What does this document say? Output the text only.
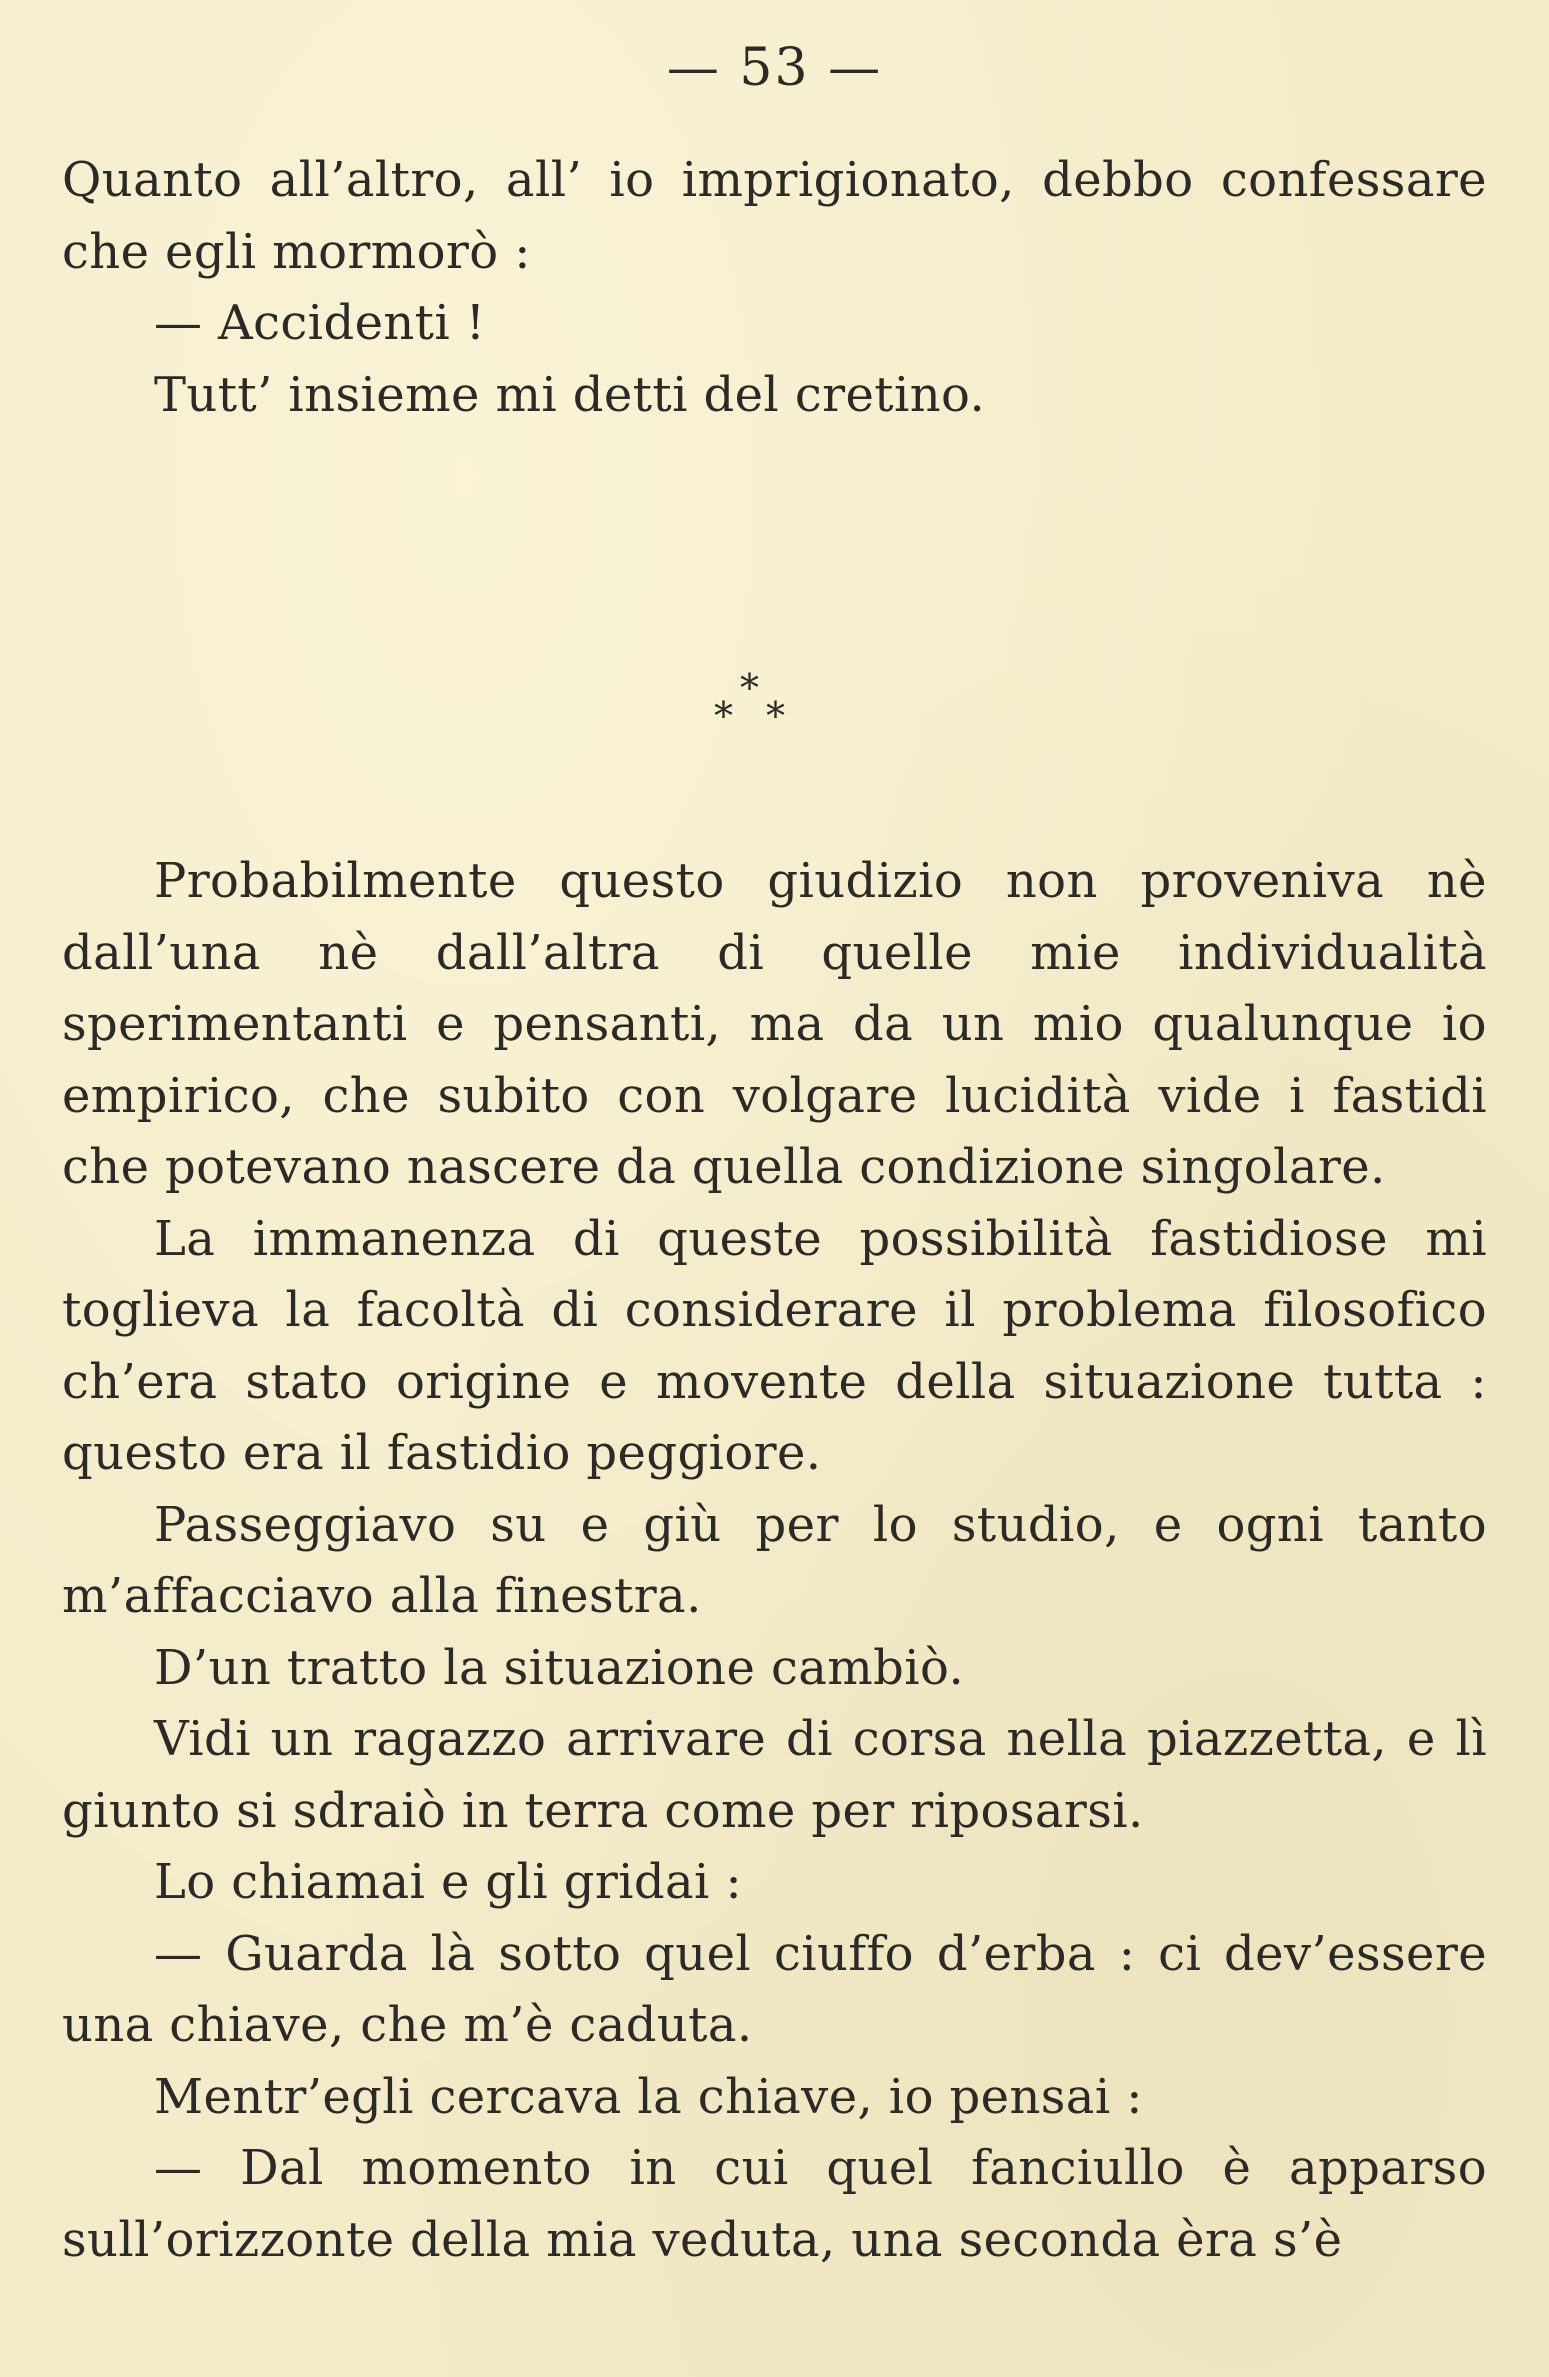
— 53 —

Quanto all’altro, all’ io imprigionato, debbo confessare che egli mormorò :

— Accidenti !

Tutt’ insieme mi detti del cretino.

*
* *

Probabilmente questo giudizio non proveniva nè dall’una nè dall’altra di quelle mie individualità sperimentanti e pensanti, ma da un mio qualunque io empirico, che subito con volgare lucidità vide i fastidi che potevano nascere da quella condizione singolare.

La immanenza di queste possibilità fastidiose mi toglieva la facoltà di considerare il problema filosofico ch’era stato origine e movente della situazione tutta : questo era il fastidio peggiore.

Passeggiavo su e giù per lo studio, e ogni tanto m’affacciavo alla finestra.

D’un tratto la situazione cambiò.

Vidi un ragazzo arrivare di corsa nella piazzetta, e lì giunto si sdraiò in terra come per riposarsi.

Lo chiamai e gli gridai :

— Guarda là sotto quel ciuffo d’erba : ci dev’essere una chiave, che m’è caduta.

Mentr’egli cercava la chiave, io pensai :

— Dal momento in cui quel fanciullo è apparso sull’orizzonte della mia veduta, una seconda èra s’è
